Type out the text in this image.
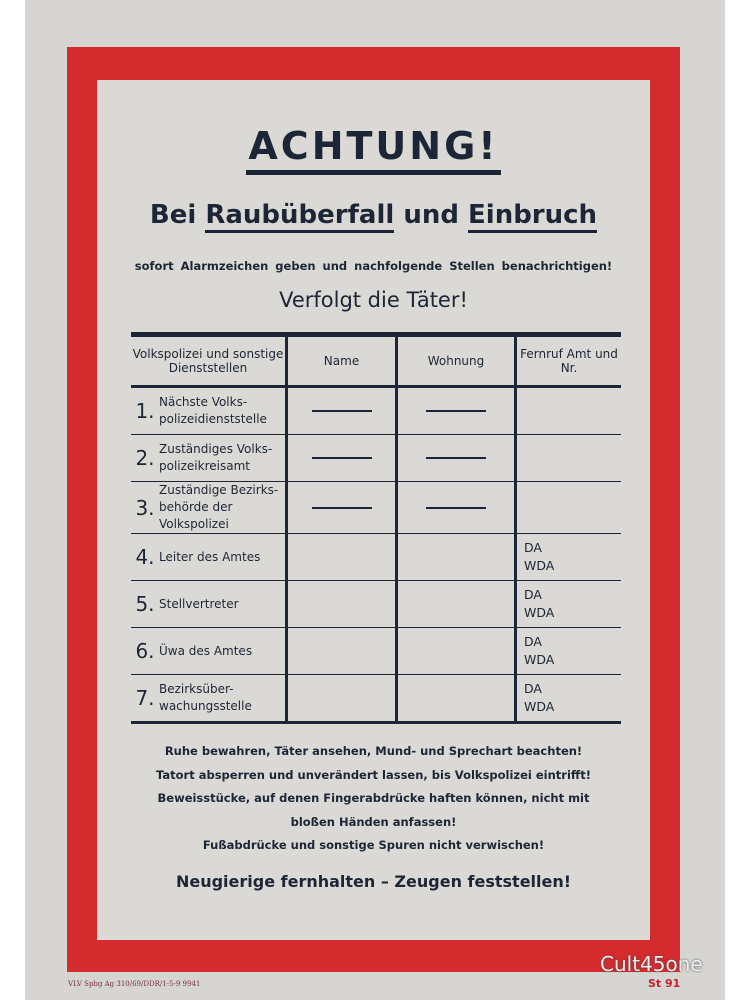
ACHTUNG!
Bei Raubüberfall und Einbruch
sofort Alarmzeichen geben und nachfolgende Stellen benachrichtigen!
Verfolgt die Täter!
Volkspolizei und sonstige Dienststellen	Name	Wohnung	Fernruf Amt und Nr.
1. Nächste Volks-polizeidienststelle	

2. Zuständiges Volks-polizeikreisamt	

3.Zuständige Bezirks-behörde der Volkspolizei	

4. Leiter des Amtes			DA
WDA
5. Stellvertreter			DA
WDA
6. Üwa des Amtes			DA
WDA
7. Bezirksüber-wachungsstelle			DA
WDA
Ruhe bewahren, Täter ansehen, Mund- und Sprechart beachten!
Tatort absperren und unverändert lassen, bis Volkspolizei eintrifft!
Beweisstücke, auf denen Fingerabdrücke haften können, nicht mit
bloßen Händen anfassen!
Fußabdrücke und sonstige Spuren nicht verwischen!
Neugierige fernhalten – Zeugen feststellen!
VLV Spbg Ag 310/69/DDR/1-5-9 9941	St 91
Cult45one
